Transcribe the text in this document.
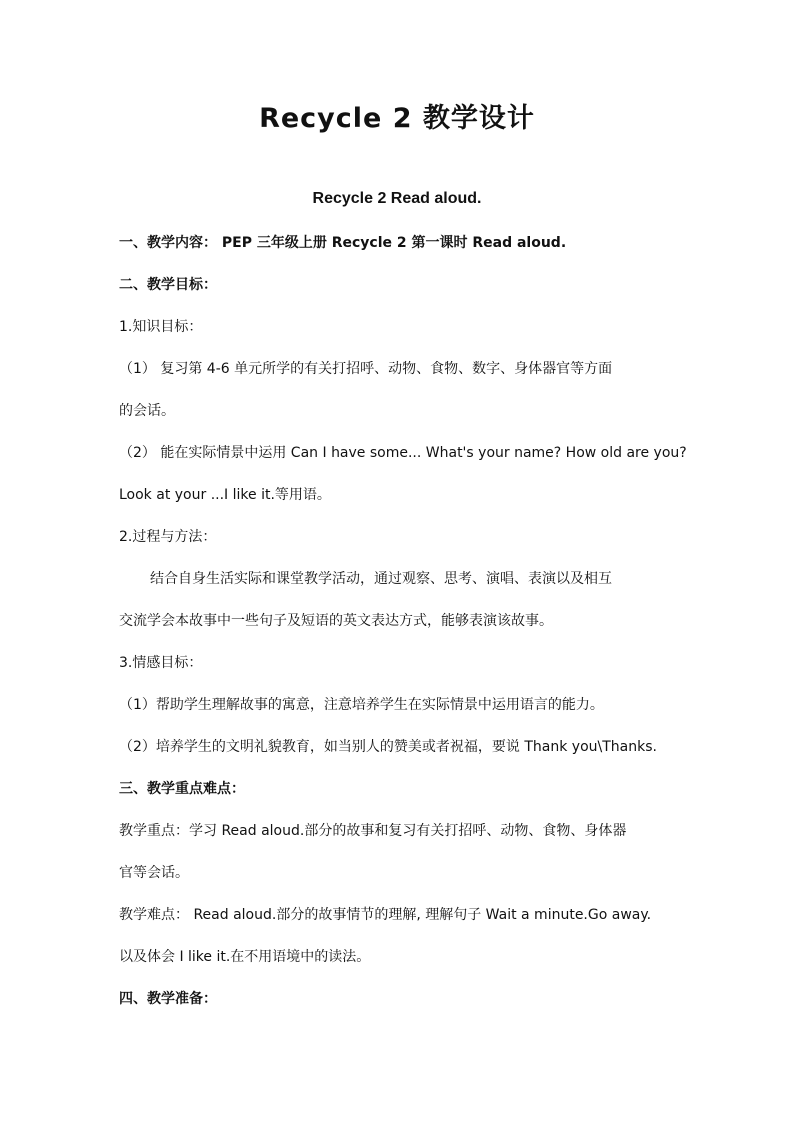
Recycle 2 教学设计
Recycle 2 Read aloud.
一、教学内容： PEP 三年级上册 Recycle 2 第一课时 Read aloud.
二、教学目标：
1.知识目标：
（1） 复习第 4-6 单元所学的有关打招呼、动物、食物、数字、身体器官等方面
的会话。
（2） 能在实际情景中运用 Can I have some... What's your name? How old are you?
Look at your ...I like it.等用语。
2.过程与方法：
结合自身生活实际和课堂教学活动，通过观察、思考、演唱、表演以及相互
交流学会本故事中一些句子及短语的英文表达方式，能够表演该故事。
3.情感目标：
（1）帮助学生理解故事的寓意，注意培养学生在实际情景中运用语言的能力。
（2）培养学生的文明礼貌教育，如当别人的赞美或者祝福，要说 Thank you\Thanks.
三、教学重点难点：
教学重点：学习 Read aloud.部分的故事和复习有关打招呼、动物、食物、身体器
官等会话。
教学难点： Read aloud.部分的故事情节的理解, 理解句子 Wait a minute.Go away.
以及体会 I like it.在不用语境中的读法。
四、教学准备：
